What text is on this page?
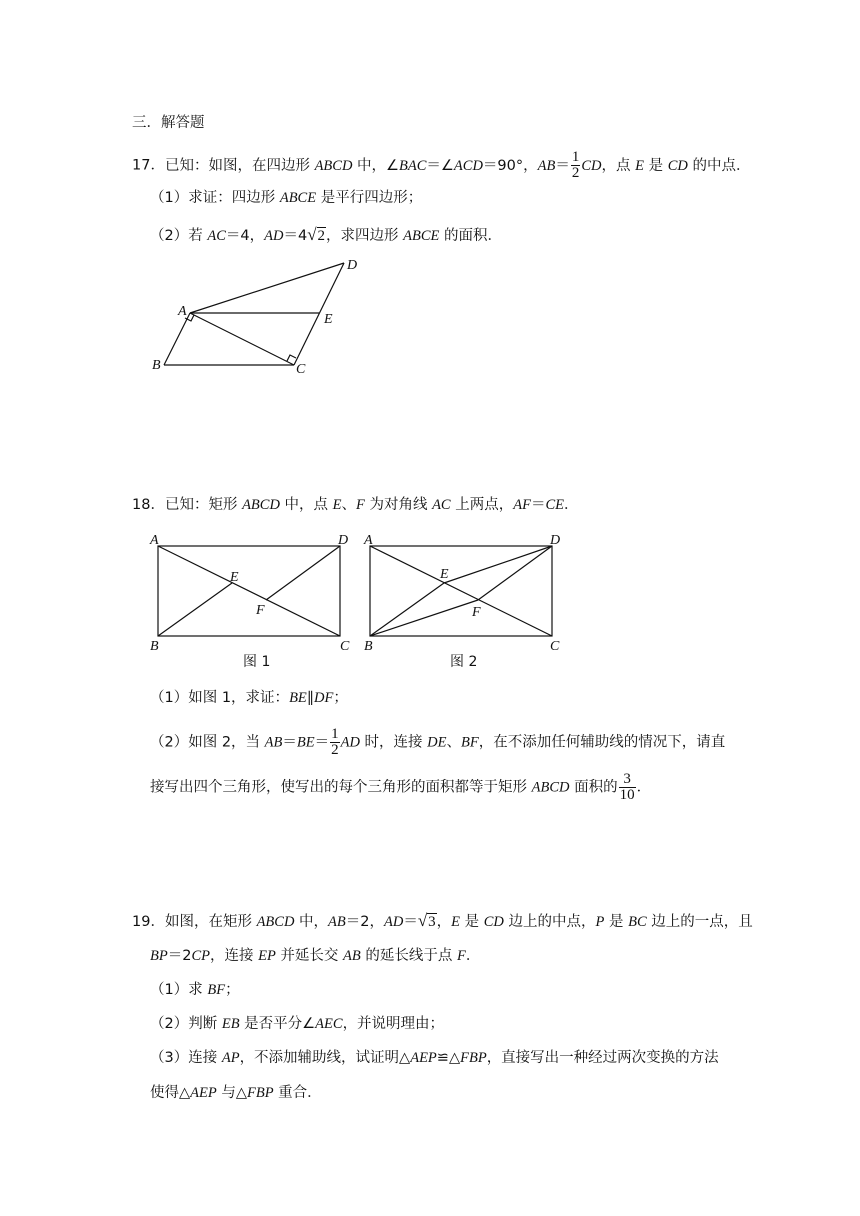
三．解答题
17．已知：如图，在四边形 ABCD 中，∠BAC＝∠ACD＝90°，$AB= \frac{1}{2}$ CD，点 E 是 CD 的中点．
（1）求证：四边形 ABCE 是平行四边形；
（2）若 AC＝4，AD＝4√2，求四边形 ABCE 的面积．
A
B	C
D
E
18．已知：矩形 ABCD 中，点 E、F 为对角线 AC 上两点，AF＝CE．
A
B	C
D
E
F
图 1
A
B	C
D
E
F
图 2
（1）如图 1，求证：BE∥DF；
（2）如图 2，当 $AB=BE= \frac{1}{2}$ AD 时，连接 DE、BF，在不添加任何辅助线的情况下，请直
接写出四个三角形，使写出的每个三角形的面积都等于矩形 ABCD 面积的 $\frac{3}{10}$ ．
19．如图，在矩形 ABCD 中，AB＝2，AD＝√3，E 是 CD 边上的中点，P 是 BC 边上的一点，且
BP＝2CP，连接 EP 并延长交 AB 的延长线于点 F．
（1）求 BF；
（2）判断 EB 是否平分∠AEC，并说明理由；
（3）连接 AP，不添加辅助线，试证明△AEP≌△FBP，直接写出一种经过两次变换的方法
使得△AEP 与△FBP 重合．
